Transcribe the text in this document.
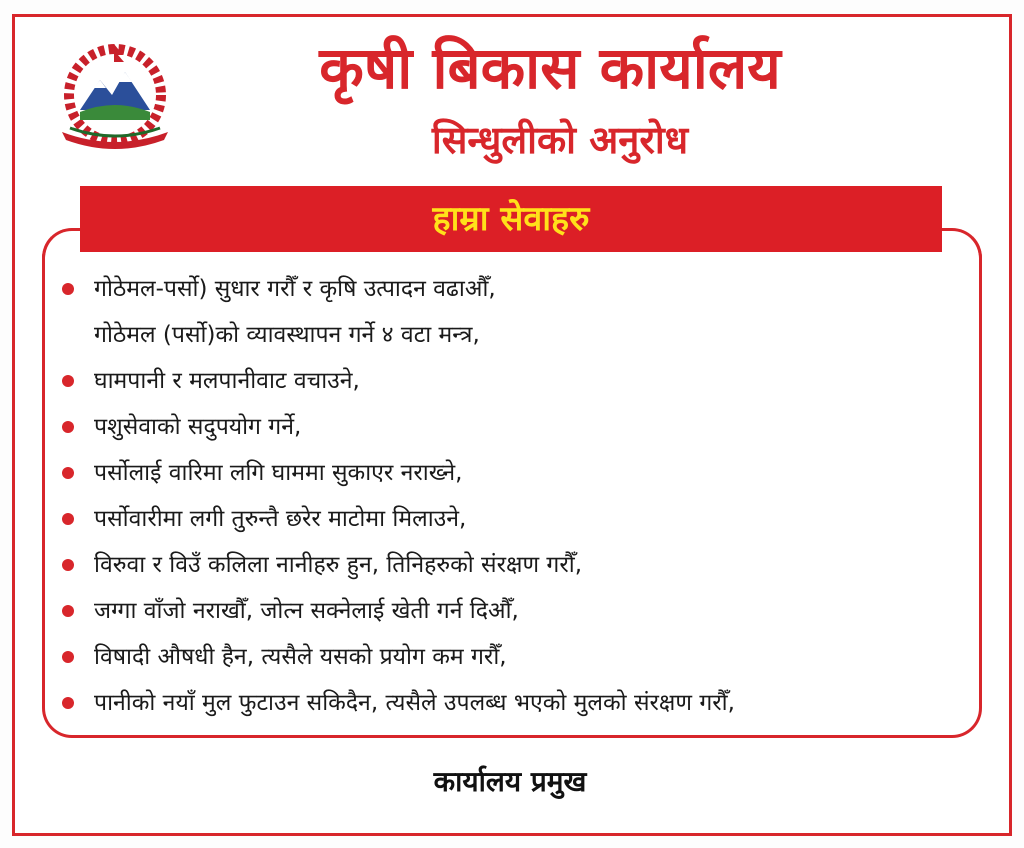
कृषी बिकास कार्यालय
सिन्धुलीको अनुरोध
हाम्रा सेवाहरु
गोठेमल-पर्सो) सुधार गरौँ र कृषि उत्पादन वढाऔँ,
गोठेमल (पर्सो)को व्यावस्थापन गर्ने ४ वटा मन्त्र,
घामपानी र मलपानीवाट वचाउने,
पशुसेवाको सदुपयोग गर्ने,
पर्सोलाई वारिमा लगि घाममा सुकाएर नराख्ने,
पर्सोवारीमा लगी तुरुन्तै छरेर माटोमा मिलाउने,
विरुवा र विउँ कलिला नानीहरु हुन, तिनिहरुको संरक्षण गरौँ,
जग्गा वाँजो नराखौँ, जोत्न सक्नेलाई खेती गर्न दिऔँ,
विषादी औषधी हैन, त्यसैले यसको प्रयोग कम गरौँ,
पानीको नयाँ मुल फुटाउन सकिदैन, त्यसैले उपलब्ध भएको मुलको संरक्षण गरौँ,
कार्यालय प्रमुख
